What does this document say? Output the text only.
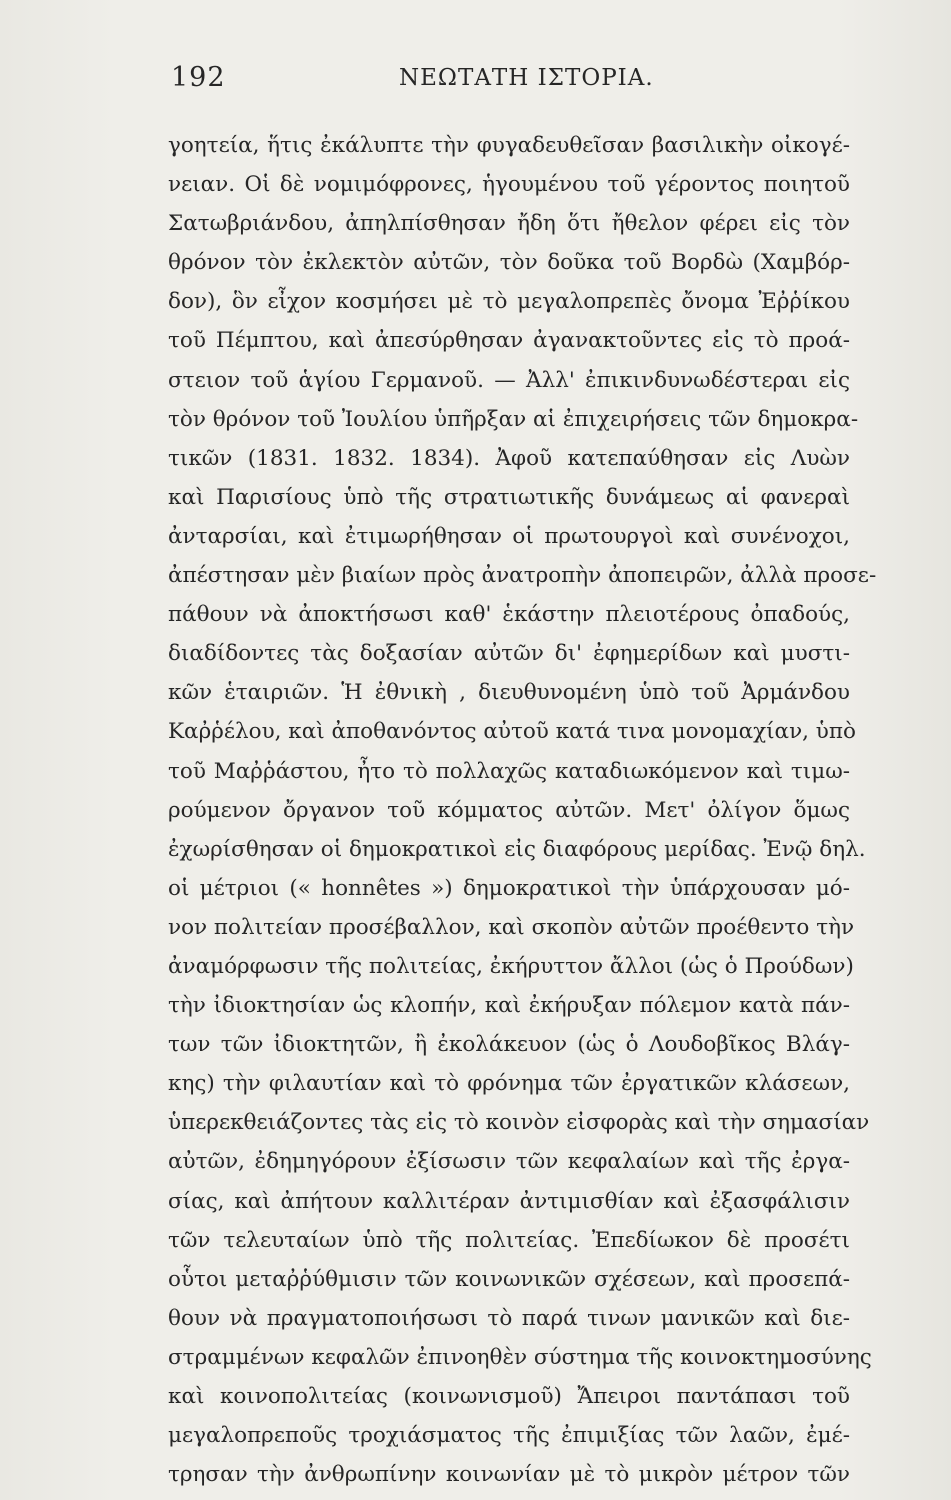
192	ΝΕΩΤΑΤΗ ΙΣΤΟΡΙΑ.
γοητεία, ἥτις ἐκάλυπτε τὴν φυγαδευθεῖσαν βασιλικὴν οἰκογέ-
νειαν. Οἱ δὲ νομιμόφρονες, ἡγουμένου τοῦ γέροντος ποιητοῦ
Σατωβριάνδου, ἀπηλπίσθησαν ἤδη ὅτι ἤθελον φέρει εἰς τὸν
θρόνον τὸν ἐκλεκτὸν αὐτῶν, τὸν δοῦκα τοῦ Βορδὼ (Χαμβόρ-
δον), ὃν εἶχον κοσμήσει μὲ τὸ μεγαλοπρεπὲς ὄνομα Ἐῤῥίκου
τοῦ Πέμπτου, καὶ ἀπεσύρθησαν ἀγανακτοῦντες εἰς τὸ προά-
στειον τοῦ ἁγίου Γερμανοῦ. — Ἀλλ' ἐπικινδυνωδέστεραι εἰς
τὸν θρόνον τοῦ Ἰουλίου ὑπῆρξαν αἱ ἐπιχειρήσεις τῶν δημοκρα-
τικῶν (1831. 1832. 1834). Ἀφοῦ κατεπαύθησαν εἰς Λυὼν
καὶ Παρισίους ὑπὸ τῆς στρατιωτικῆς δυνάμεως αἱ φανεραὶ
ἀνταρσίαι, καὶ ἐτιμωρήθησαν οἱ πρωτουργοὶ καὶ συνένοχοι,
ἀπέστησαν μὲν βιαίων πρὸς ἀνατροπὴν ἀποπειρῶν, ἀλλὰ προσε-
πάθουν νὰ ἀποκτήσωσι καθ' ἑκάστην πλειοτέρους ὀπαδούς,
διαδίδοντες τὰς δοξασίαν αὐτῶν δι' ἐφημερίδων καὶ μυστι-
κῶν ἑταιριῶν. Ἡ ἐθνικὴ , διευθυνομένη ὑπὸ τοῦ Ἀρμάνδου
Καῤῥέλου, καὶ ἀποθανόντος αὐτοῦ κατά τινα μονομαχίαν, ὑπὸ
τοῦ Μαῤῥάστου, ἦτο τὸ πολλαχῶς καταδιωκόμενον καὶ τιμω-
ρούμενον ὄργανον τοῦ κόμματος αὐτῶν. Μετ' ὀλίγον ὅμως
ἐχωρίσθησαν οἱ δημοκρατικοὶ εἰς διαφόρους μερίδας. Ἐνῷ δηλ.
οἱ μέτριοι (« honnêtes ») δημοκρατικοὶ τὴν ὑπάρχουσαν μό-
νον πολιτείαν προσέβαλλον, καὶ σκοπὸν αὐτῶν προέθεντο τὴν
ἀναμόρφωσιν τῆς πολιτείας, ἐκήρυττον ἄλλοι (ὡς ὁ Προύδων)
τὴν ἰδιοκτησίαν ὡς κλοπήν, καὶ ἐκήρυξαν πόλεμον κατὰ πάν-
των τῶν ἰδιοκτητῶν, ἢ ἐκολάκευον (ὡς ὁ Λουδοβῖκος Βλάγ-
κης) τὴν φιλαυτίαν καὶ τὸ φρόνημα τῶν ἐργατικῶν κλάσεων,
ὑπερεκθειάζοντες τὰς εἰς τὸ κοινὸν εἰσφορὰς καὶ τὴν σημασίαν
αὐτῶν, ἐδημηγόρουν ἐξίσωσιν τῶν κεφαλαίων καὶ τῆς ἐργα-
σίας, καὶ ἀπήτουν καλλιτέραν ἀντιμισθίαν καὶ ἐξασφάλισιν
τῶν τελευταίων ὑπὸ τῆς πολιτείας. Ἐπεδίωκον δὲ προσέτι
οὗτοι μεταῤῥύθμισιν τῶν κοινωνικῶν σχέσεων, καὶ προσεπά-
θουν νὰ πραγματοποιήσωσι τὸ παρά τινων μανικῶν καὶ διε-
στραμμένων κεφαλῶν ἐπινοηθὲν σύστημα τῆς κοινοκτημοσύνης
καὶ κοινοπολιτείας (κοινωνισμοῦ) Ἄπειροι παντάπασι τοῦ
μεγαλοπρεποῦς τροχιάσματος τῆς ἐπιμιξίας τῶν λαῶν, ἐμέ-
τρησαν τὴν ἀνθρωπίνην κοινωνίαν μὲ τὸ μικρὸν μέτρον τῶν
